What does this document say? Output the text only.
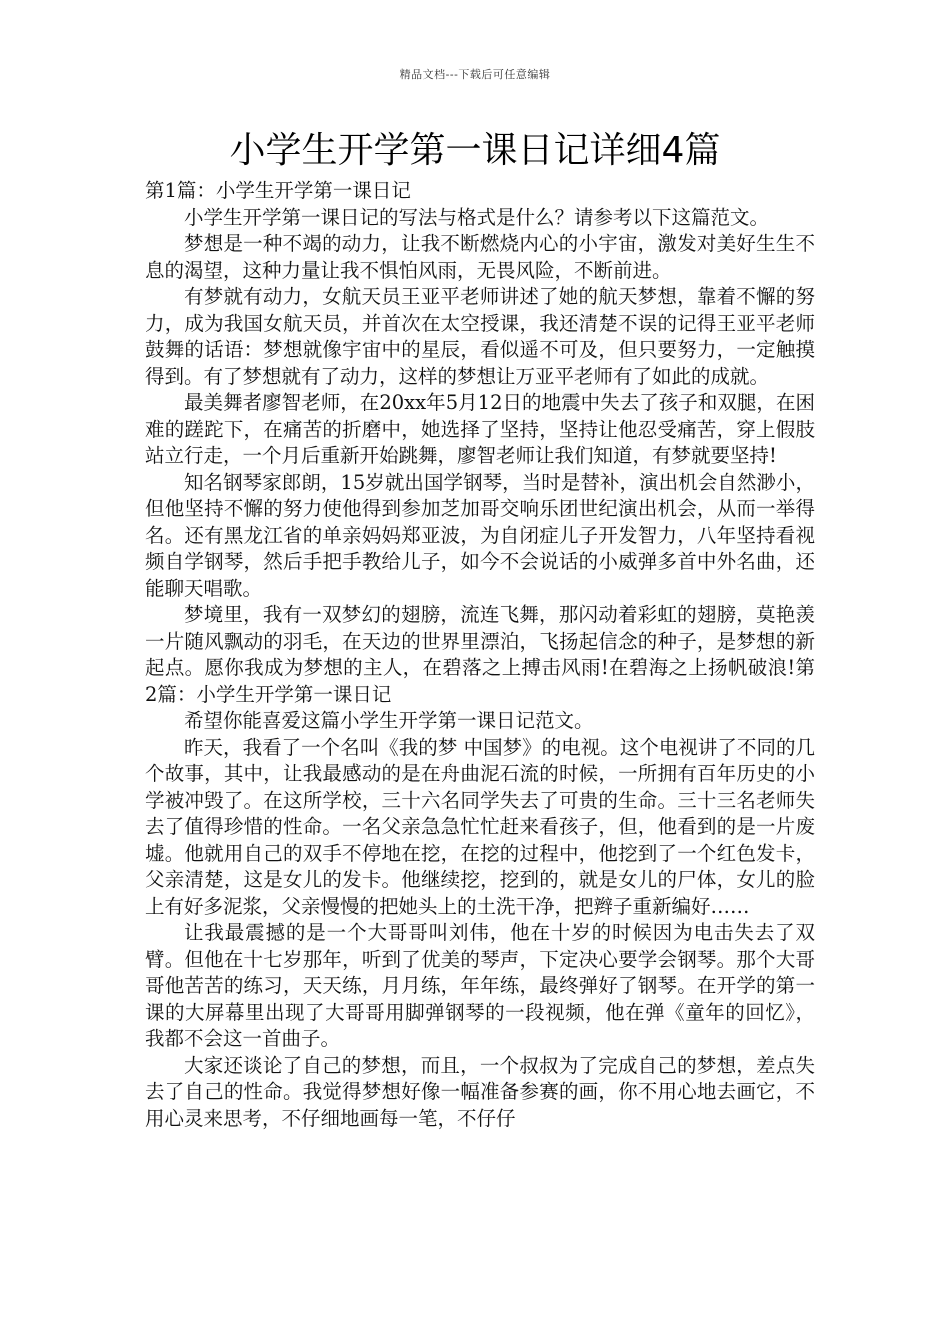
精品文档---下载后可任意编辑
小学生开学第一课日记详细4篇

第1篇：小学生开学第一课日记

小学生开学第一课日记的写法与格式是什么？请参考以下这篇范文。

梦想是一种不竭的动力，让我不断燃烧内心的小宇宙，激发对美好生生不息的渴望，这种力量让我不惧怕风雨，无畏风险，不断前进。

有梦就有动力，女航天员王亚平老师讲述了她的航天梦想，靠着不懈的努力，成为我国女航天员，并首次在太空授课，我还清楚不误的记得王亚平老师鼓舞的话语：梦想就像宇宙中的星辰，看似遥不可及，但只要努力，一定触摸得到。有了梦想就有了动力，这样的梦想让万亚平老师有了如此的成就。

最美舞者廖智老师，在20xx年5月12日的地震中失去了孩子和双腿，在困难的蹉跎下，在痛苦的折磨中，她选择了坚持，坚持让他忍受痛苦，穿上假肢站立行走，一个月后重新开始跳舞，廖智老师让我们知道，有梦就要坚持!

知名钢琴家郎朗，15岁就出国学钢琴，当时是替补，演出机会自然渺小，但他坚持不懈的努力使他得到参加芝加哥交响乐团世纪演出机会，从而一举得名。还有黑龙江省的单亲妈妈郑亚波，为自闭症儿子开发智力，八年坚持看视频自学钢琴，然后手把手教给儿子，如今不会说话的小威弹多首中外名曲，还能聊天唱歌。

梦境里，我有一双梦幻的翅膀，流连飞舞，那闪动着彩虹的翅膀，莫艳羡一片随风飘动的羽毛，在天边的世界里漂泊，飞扬起信念的种子，是梦想的新起点。愿你我成为梦想的主人，在碧落之上搏击风雨!在碧海之上扬帆破浪!第2篇：小学生开学第一课日记

希望你能喜爱这篇小学生开学第一课日记范文。

昨天，我看了一个名叫《我的梦 中国梦》的电视。这个电视讲了不同的几个故事，其中，让我最感动的是在舟曲泥石流的时候，一所拥有百年历史的小学被冲毁了。在这所学校，三十六名同学失去了可贵的生命。三十三名老师失去了值得珍惜的性命。一名父亲急急忙忙赶来看孩子，但，他看到的是一片废墟。他就用自己的双手不停地在挖，在挖的过程中，他挖到了一个红色发卡，父亲清楚，这是女儿的发卡。他继续挖，挖到的，就是女儿的尸体，女儿的脸上有好多泥浆，父亲慢慢的把她头上的土洗干净，把辫子重新编好……

让我最震撼的是一个大哥哥叫刘伟，他在十岁的时候因为电击失去了双臂。但他在十七岁那年，听到了优美的琴声，下定决心要学会钢琴。那个大哥哥他苦苦的练习，天天练，月月练，年年练，最终弹好了钢琴。在开学的第一课的大屏幕里出现了大哥哥用脚弹钢琴的一段视频，他在弹《童年的回忆》，我都不会这一首曲子。

大家还谈论了自己的梦想，而且，一个叔叔为了完成自己的梦想，差点失去了自己的性命。我觉得梦想好像一幅准备参赛的画，你不用心地去画它，不用心灵来思考，不仔细地画每一笔，不仔仔
